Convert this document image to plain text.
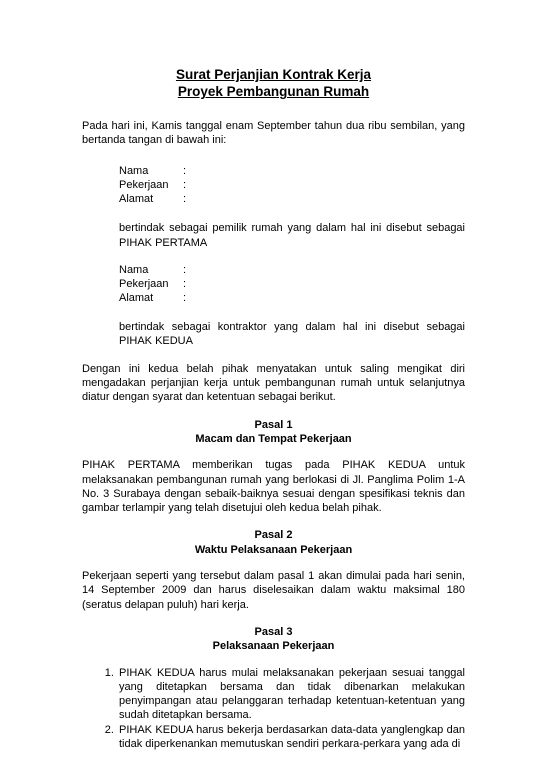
Surat Perjanjian Kontrak Kerja
Proyek Pembangunan Rumah

Pada hari ini, Kamis tanggal enam September tahun dua ribu sembilan, yang bertanda tangan di bawah ini:

Nama	:
Pekerjaan	:
Alamat	:

bertindak sebagai pemilik rumah yang dalam hal ini disebut sebagai PIHAK PERTAMA

Nama	:
Pekerjaan	:
Alamat	:

bertindak sebagai kontraktor yang dalam hal ini disebut sebagai PIHAK KEDUA

Dengan ini kedua belah pihak menyatakan untuk saling mengikat diri mengadakan perjanjian kerja untuk pembangunan rumah untuk selanjutnya diatur dengan syarat dan ketentuan sebagai berikut.

Pasal 1
Macam dan Tempat Pekerjaan

PIHAK PERTAMA memberikan tugas pada PIHAK KEDUA untuk melaksanakan pembangunan rumah yang berlokasi di Jl. Panglima Polim 1-A No. 3 Surabaya dengan sebaik-baiknya sesuai dengan spesifikasi teknis dan gambar terlampir yang telah disetujui oleh kedua belah pihak.

Pasal 2
Waktu Pelaksanaan Pekerjaan

Pekerjaan seperti yang tersebut dalam pasal 1 akan dimulai pada hari senin, 14 September 2009 dan harus diselesaikan dalam waktu maksimal 180 (seratus delapan puluh) hari kerja.

Pasal 3
Pelaksanaan Pekerjaan
1. PIHAK KEDUA harus mulai melaksanakan pekerjaan sesuai tanggal yang ditetapkan bersama dan tidak dibenarkan melakukan penyimpangan atau pelanggaran terhadap ketentuan-ketentuan yang sudah ditetapkan bersama.
2. PIHAK KEDUA harus bekerja berdasarkan data-data yanglengkap dan tidak diperkenankan memutuskan sendiri perkara-perkara yang ada di
